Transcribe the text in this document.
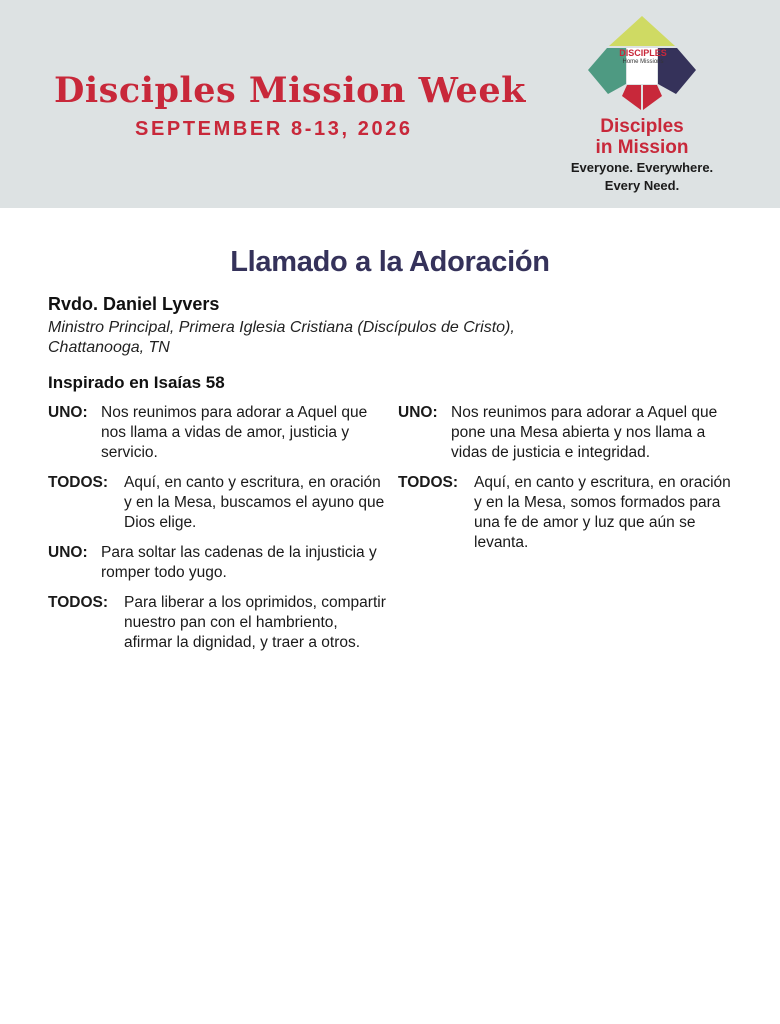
Disciples Mission Week
SEPTEMBER 8-13, 2026
DISCIPLES
Home Missions
Disciples
in Mission
Everyone. Everywhere.
Every Need.
Llamado a la Adoración
Rvdo. Daniel Lyvers
Ministro Principal, Primera Iglesia Cristiana (Discípulos de Cristo),
Chattanooga, TN
Inspirado en Isaías 58
UNO: Nos reunimos para adorar a Aquel que nos llama a vidas de amor, justicia y servicio.
TODOS:	Aquí, en canto y escritura, en oración y en la Mesa, buscamos el ayuno que Dios elige.
UNO: Para soltar las cadenas de la injusticia y romper todo yugo.
TODOS:	Para liberar a los oprimidos, compartir nuestro pan con el hambriento, afirmar la dignidad, y traer a otros.
UNO: Nos reunimos para adorar a Aquel que pone una Mesa abierta y nos llama a vidas de justicia e integridad.
TODOS:	Aquí, en canto y escritura, en oración y en la Mesa, somos formados para una fe de amor y luz que aún se levanta.
